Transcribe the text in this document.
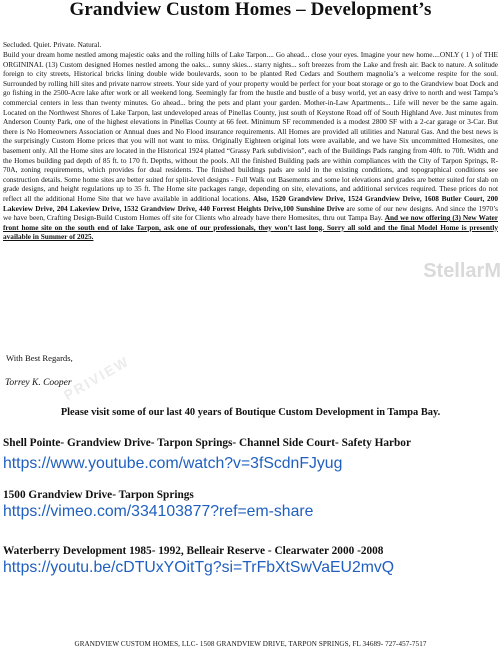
StellarM
PRIVIEW
Grandview Custom Homes – Development’s
Secluded. Quiet. Private. Natural.
Build your dream home nestled among majestic oaks and the rolling hills of Lake Tarpon.... Go ahead... close your eyes. Imagine your new home....ONLY ( 1 ) of THE ORGININAL (13) Custom designed Homes nestled among the oaks... sunny skies... starry nights... soft breezes from the Lake and fresh air. Back to nature. A solitude foreign to city streets, Historical bricks lining double wide boulevards, soon to be planted Red Cedars and Southern magnolia’s a welcome respite for the soul. Surrounded by rolling hill sites and private narrow streets. Your side yard of your property would be perfect for your boat storage or go to the Grandview boat Dock and go fishing in the 2500-Acre lake after work or all weekend long. Seemingly far from the hustle and bustle of a busy world, yet an easy drive to north and west Tampa’s commercial centers in less than twenty minutes. Go ahead... bring the pets and plant your garden. Mother-in-Law Apartments... Life will never be the same again. Located on the Northwest Shores of Lake Tarpon, last undeveloped areas of Pinellas County, just south of Keystone Road off of South Highland Ave. Just minutes from Anderson County Park, one of the highest elevations in Pinellas County at 66 feet. Minimum SF recommended is a modest 2800 SF with a 2-car garage or 3-Car. But there is No Homeowners Association or Annual dues and No Flood insurance requirements. All Homes are provided all utilities and Natural Gas. And the best news is the surprisingly Custom Home prices that you will not want to miss. Originally Eighteen original lots were available, and we have Six uncommitted Homesites, one basement only. All the Home sites are located in the Historical 1924 platted “Grassy Park subdivision”, each of the Buildings Pads ranging from 40ft. to 70ft. Width and the Homes building pad depth of 85 ft. to 170 ft. Depths, without the pools. All the finished Building pads are within compliances with the City of Tarpon Springs, R-70A, zoning requirements, which provides for dual residents. The finished buildings pads are sold in the existing conditions, and topographical conditions see construction details. Some home sites are better suited for split-level designs - Full Walk out Basements and some lot elevations and grades are better suited for slab on grade designs, and height regulations up to 35 ft. The Home site packages range, depending on site, elevations, and additional services required. These prices do not reflect all the additional Home Site that we have available in additional locations. Also, 1520 Grandview Drive, 1524 Grandview Drive, 1608 Butler Court, 200 Lakeview Drive, 204 Lakeview Drive, 1532 Grandview Drive, 440 Forrest Heights Drive,100 Sunshine Drive are some of our new designs. And since the 1970’s we have been, Crafting Design-Build Custom Homes off site for Clients who already have there Homesites, thru out Tampa Bay. And we now offering (3) New Water front home site on the south end of lake Tarpon, ask one of our professionals, they won’t last long. Sorry all sold and the final Model Home is presently available in Summer of 2025.
With Best Regards,
Torrey K. Cooper
Please visit some of our last 40 years of Boutique Custom Development in Tampa Bay.
Shell Pointe- Grandview Drive- Tarpon Springs- Channel Side Court- Safety Harbor
https://www.youtube.com/watch?v=3fScdnFJyug
1500 Grandview Drive- Tarpon Springs
https://vimeo.com/334103877?ref=em-share
Waterberry Development 1985- 1992, Belleair Reserve - Clearwater 2000 -2008
https://youtu.be/cDTUxYOitTg?si=TrFbXtSwVaEU2mvQ
GRANDVIEW CUSTOM HOMES, LLC- 1508 GRANDVIEW DRIVE, TARPON SPRINGS, FL 34689- 727-457-7517
